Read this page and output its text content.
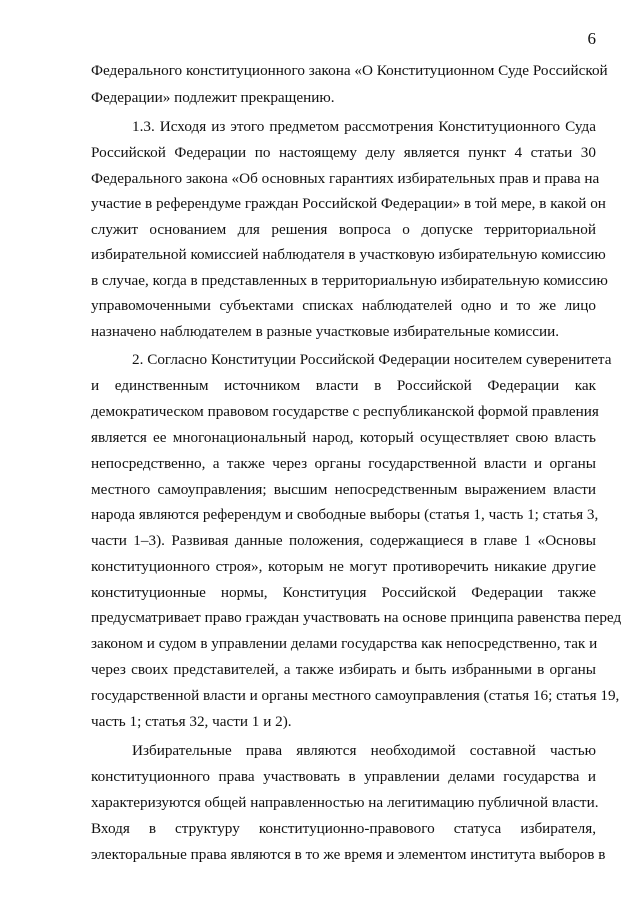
6
Федерального конституционного закона «О Конституционном Суде Российской
Федерации» подлежит прекращению.
1.3. Исходя из этого предметом рассмотрения Конституционного Суда
Российской Федерации по настоящему делу является пункт 4 статьи 30
Федерального закона «Об основных гарантиях избирательных прав и права на
участие в референдуме граждан Российской Федерации» в той мере, в какой он
служит основанием для решения вопроса о допуске территориальной
избирательной комиссией наблюдателя в участковую избирательную комиссию
в случае, когда в представленных в территориальную избирательную комиссию
управомоченными субъектами списках наблюдателей одно и то же лицо
назначено наблюдателем в разные участковые избирательные комиссии.
2. Согласно Конституции Российской Федерации носителем суверенитета
и единственным источником власти в Российской Федерации как
демократическом правовом государстве с республиканской формой правления
является ее многонациональный народ, который осуществляет свою власть
непосредственно, а также через органы государственной власти и органы
местного самоуправления; высшим непосредственным выражением власти
народа являются референдум и свободные выборы (статья 1, часть 1; статья 3,
части 1–3). Развивая данные положения, содержащиеся в главе 1 «Основы
конституционного строя», которым не могут противоречить никакие другие
конституционные нормы, Конституция Российской Федерации также
предусматривает право граждан участвовать на основе принципа равенства перед
законом и судом в управлении делами государства как непосредственно, так и
через своих представителей, а также избирать и быть избранными в органы
государственной власти и органы местного самоуправления (статья 16; статья 19,
часть 1; статья 32, части 1 и 2).
Избирательные права являются необходимой составной частью
конституционного права участвовать в управлении делами государства и
характеризуются общей направленностью на легитимацию публичной власти.
Входя в структуру конституционно-правового статуса избирателя,
электоральные права являются в то же время и элементом института выборов в
